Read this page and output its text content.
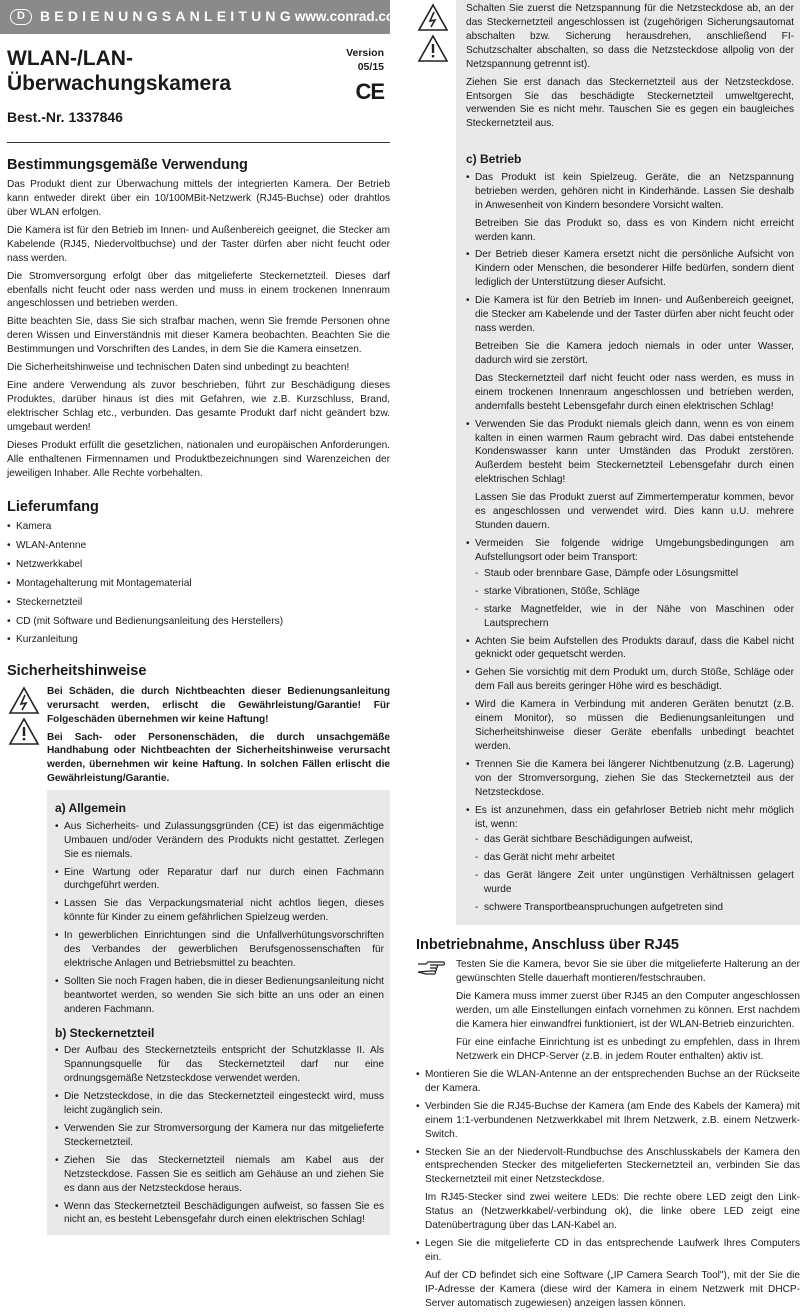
D	BEDIENUNGSANLEITUNG www.conrad.com
WLAN-/LAN-Überwachungskamera
Best.-Nr. 1337846
Version 05/15
CE
Bestimmungsgemäße Verwendung

Das Produkt dient zur Überwachung mittels der integrierten Kamera. Der Betrieb kann entweder direkt über ein 10/100MBit-Netzwerk (RJ45-Buchse) oder drahtlos über WLAN erfolgen.

Die Kamera ist für den Betrieb im Innen- und Außenbereich geeignet, die Stecker am Kabelende (RJ45, Niedervoltbuchse) und der Taster dürfen aber nicht feucht oder nass werden.

Die Stromversorgung erfolgt über das mitgelieferte Steckernetzteil. Dieses darf ebenfalls nicht feucht oder nass werden und muss in einem trockenen Innenraum angeschlossen und betrieben werden.

Bitte beachten Sie, dass Sie sich strafbar machen, wenn Sie fremde Personen ohne deren Wissen und Einverständnis mit dieser Kamera beobachten. Beachten Sie die Bestimmungen und Vorschriften des Landes, in dem Sie die Kamera einsetzen.

Die Sicherheitshinweise und technischen Daten sind unbedingt zu beachten!

Eine andere Verwendung als zuvor beschrieben, führt zur Beschädigung dieses Produktes, darüber hinaus ist dies mit Gefahren, wie z.B. Kurzschluss, Brand, elektrischer Schlag etc., verbunden. Das gesamte Produkt darf nicht geändert bzw. umgebaut werden!

Dieses Produkt erfüllt die gesetzlichen, nationalen und europäischen Anforderungen. Alle enthaltenen Firmennamen und Produktbezeichnungen sind Warenzeichen der jeweiligen Inhaber. Alle Rechte vorbehalten.

Lieferumfang
• Kamera
• WLAN-Antenne
• Netzwerkkabel
• Montagehalterung mit Montagematerial
• Steckernetzteil
• CD (mit Software und Bedienungsanleitung des Herstellers)
• Kurzanleitung
Sicherheitshinweise

Bei Schäden, die durch Nichtbeachten dieser Bedienungsanleitung verursacht werden, erlischt die Gewährleistung/Garantie! Für Folgeschäden übernehmen wir keine Haftung!

Bei Sach- oder Personenschäden, die durch unsachgemäße Handhabung oder Nichtbeachten der Sicherheitshinweise verursacht werden, übernehmen wir keine Haftung. In solchen Fällen erlischt die Gewährleistung/Garantie.

a) Allgemein
• Aus Sicherheits- und Zulassungsgründen (CE) ist das eigenmächtige Umbauen und/oder Verändern des Produkts nicht gestattet. Zerlegen Sie es niemals.
• Eine Wartung oder Reparatur darf nur durch einen Fachmann durchgeführt werden.
• Lassen Sie das Verpackungsmaterial nicht achtlos liegen, dieses könnte für Kinder zu einem gefährlichen Spielzeug werden.
• In gewerblichen Einrichtungen sind die Unfallverhütungsvorschriften des Verbandes der gewerblichen Berufsgenossenschaften für elektrische Anlagen und Betriebsmittel zu beachten.
• Sollten Sie noch Fragen haben, die in dieser Bedienungsanleitung nicht beantwortet werden, so wenden Sie sich bitte an uns oder an einen anderen Fachmann.
b) Steckernetzteil
• Der Aufbau des Steckernetzteils entspricht der Schutzklasse II. Als Spannungsquelle für das Steckernetzteil darf nur eine ordnungsgemäße Netzsteckdose verwendet werden.
• Die Netzsteckdose, in die das Steckernetzteil eingesteckt wird, muss leicht zugänglich sein.
• Verwenden Sie zur Stromversorgung der Kamera nur das mitgelieferte Steckernetzteil.
• Ziehen Sie das Steckernetzteil niemals am Kabel aus der Netzsteckdose. Fassen Sie es seitlich am Gehäuse an und ziehen Sie es dann aus der Netzsteckdose heraus.
• Wenn das Steckernetzteil Beschädigungen aufweist, so fassen Sie es nicht an, es besteht Lebensgefahr durch einen elektrischen Schlag!

Schalten Sie zuerst die Netzspannung für die Netzsteckdose ab, an der das Steckernetzteil angeschlossen ist (zugehörigen Sicherungsautomat abschalten bzw. Sicherung herausdrehen, anschließend FI-Schutzschalter abschalten, so dass die Netzsteckdose allpolig von der Netzspannung getrennt ist).

Ziehen Sie erst danach das Steckernetzteil aus der Netzsteckdose. Entsorgen Sie das beschädigte Steckernetzteil umweltgerecht, verwenden Sie es nicht mehr. Tauschen Sie es gegen ein baugleiches Steckernetzteil aus.

c) Betrieb
• Das Produkt ist kein Spielzeug. Geräte, die an Netzspannung betrieben werden, gehören nicht in Kinderhände. Lassen Sie deshalb in Anwesenheit von Kindern besondere Vorsicht walten.

Betreiben Sie das Produkt so, dass es von Kindern nicht erreicht werden kann.

• Der Betrieb dieser Kamera ersetzt nicht die persönliche Aufsicht von Kindern oder Menschen, die besonderer Hilfe bedürfen, sondern dient lediglich der Unterstützung dieser Aufsicht.
• Die Kamera ist für den Betrieb im Innen- und Außenbereich geeignet, die Stecker am Kabelende und der Taster dürfen aber nicht feucht oder nass werden.

Betreiben Sie die Kamera jedoch niemals in oder unter Wasser, dadurch wird sie zerstört.

Das Steckernetzteil darf nicht feucht oder nass werden, es muss in einem trockenen Innenraum angeschlossen und betrieben werden, andernfalls besteht Lebensgefahr durch einen elektrischen Schlag!

• Verwenden Sie das Produkt niemals gleich dann, wenn es von einem kalten in einen warmen Raum gebracht wird. Das dabei entstehende Kondenswasser kann unter Umständen das Produkt zerstören. Außerdem besteht beim Steckernetzteil Lebensgefahr durch einen elektrischen Schlag!

Lassen Sie das Produkt zuerst auf Zimmertemperatur kommen, bevor es angeschlossen und verwendet wird. Dies kann u.U. mehrere Stunden dauern.

• Vermeiden Sie folgende widrige Umgebungsbedingungen am Aufstellungsort oder beim Transport:
- Staub oder brennbare Gase, Dämpfe oder Lösungsmittel
- starke Vibrationen, Stöße, Schläge
- starke Magnetfelder, wie in der Nähe von Maschinen oder Lautsprechern
• Achten Sie beim Aufstellen des Produkts darauf, dass die Kabel nicht geknickt oder gequetscht werden.
• Gehen Sie vorsichtig mit dem Produkt um, durch Stöße, Schläge oder dem Fall aus bereits geringer Höhe wird es beschädigt.
• Wird die Kamera in Verbindung mit anderen Geräten benutzt (z.B. einem Monitor), so müssen die Bedienungsanleitungen und Sicherheitshinweise dieser Geräte ebenfalls unbedingt beachtet werden.
• Trennen Sie die Kamera bei längerer Nichtbenutzung (z.B. Lagerung) von der Stromversorgung, ziehen Sie das Steckernetzteil aus der Netzsteckdose.
• Es ist anzunehmen, dass ein gefahrloser Betrieb nicht mehr möglich ist, wenn:
- das Gerät sichtbare Beschädigungen aufweist,
- das Gerät nicht mehr arbeitet
- das Gerät längere Zeit unter ungünstigen Verhältnissen gelagert wurde
- schwere Transportbeanspruchungen aufgetreten sind
Inbetriebnahme, Anschluss über RJ45

Testen Sie die Kamera, bevor Sie sie über die mitgelieferte Halterung an der gewünschten Stelle dauerhaft montieren/festschrauben.

Die Kamera muss immer zuerst über RJ45 an den Computer angeschlossen werden, um alle Einstellungen einfach vornehmen zu können. Erst nachdem die Kamera hier einwandfrei funktioniert, ist der WLAN-Betrieb einzurichten.

Für eine einfache Einrichtung ist es unbedingt zu empfehlen, dass in Ihrem Netzwerk ein DHCP-Server (z.B. in jedem Router enthalten) aktiv ist.

• Montieren Sie die WLAN-Antenne an der entsprechenden Buchse an der Rückseite der Kamera.
• Verbinden Sie die RJ45-Buchse der Kamera (am Ende des Kabels der Kamera) mit einem 1:1-verbundenen Netzwerkkabel mit Ihrem Netzwerk, z.B. einem Netzwerk-Switch.
• Stecken Sie an der Niedervolt-Rundbuchse des Anschlusskabels der Kamera den entsprechenden Stecker des mitgelieferten Steckernetzteil an, verbinden Sie das Steckernetzteil mit einer Netzsteckdose.

Im RJ45-Stecker sind zwei weitere LEDs: Die rechte obere LED zeigt den Link-Status an (Netzwerkkabel/-verbindung ok), die linke obere LED zeigt eine Datenübertragung über das LAN-Kabel an.

• Legen Sie die mitgelieferte CD in das entsprechende Laufwerk Ihres Computers ein.

Auf der CD befindet sich eine Software („IP Camera Search Tool"), mit der Sie die IP-Adresse der Kamera (diese wird der Kamera in einem Netzwerk mit DHCP-Server automatisch zugewiesen) anzeigen lassen können.
